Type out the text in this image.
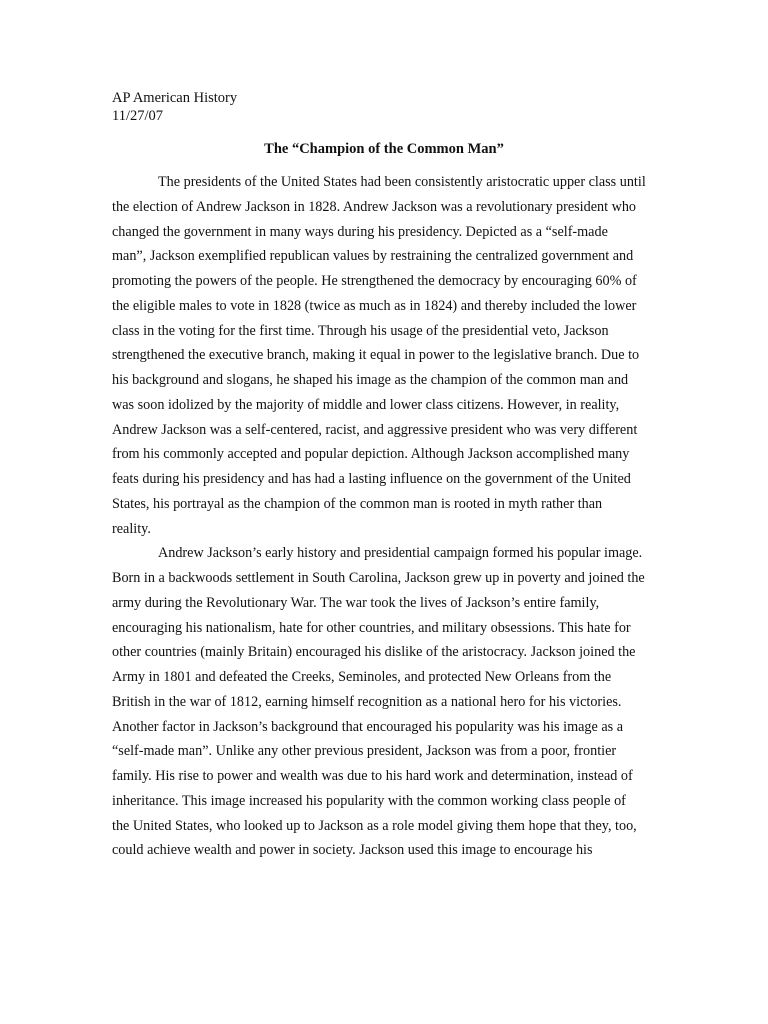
AP American History
11/27/07
The “Champion of the Common Man”
The presidents of the United States had been consistently aristocratic upper class until
the election of Andrew Jackson in 1828. Andrew Jackson was a revolutionary president who
changed the government in many ways during his presidency. Depicted as a “self-made
man”, Jackson exemplified republican values by restraining the centralized government and
promoting the powers of the people. He strengthened the democracy by encouraging 60% of
the eligible males to vote in 1828 (twice as much as in 1824) and thereby included the lower
class in the voting for the first time. Through his usage of the presidential veto, Jackson
strengthened the executive branch, making it equal in power to the legislative branch. Due to
his background and slogans, he shaped his image as the champion of the common man and
was soon idolized by the majority of middle and lower class citizens. However, in reality,
Andrew Jackson was a self-centered, racist, and aggressive president who was very different
from his commonly accepted and popular depiction. Although Jackson accomplished many
feats during his presidency and has had a lasting influence on the government of the United
States, his portrayal as the champion of the common man is rooted in myth rather than
reality.
Andrew Jackson’s early history and presidential campaign formed his popular image.
Born in a backwoods settlement in South Carolina, Jackson grew up in poverty and joined the
army during the Revolutionary War. The war took the lives of Jackson’s entire family,
encouraging his nationalism, hate for other countries, and military obsessions. This hate for
other countries (mainly Britain) encouraged his dislike of the aristocracy. Jackson joined the
Army in 1801 and defeated the Creeks, Seminoles, and protected New Orleans from the
British in the war of 1812, earning himself recognition as a national hero for his victories.
Another factor in Jackson’s background that encouraged his popularity was his image as a
“self-made man”. Unlike any other previous president, Jackson was from a poor, frontier
family. His rise to power and wealth was due to his hard work and determination, instead of
inheritance. This image increased his popularity with the common working class people of
the United States, who looked up to Jackson as a role model giving them hope that they, too,
could achieve wealth and power in society. Jackson used this image to encourage his
